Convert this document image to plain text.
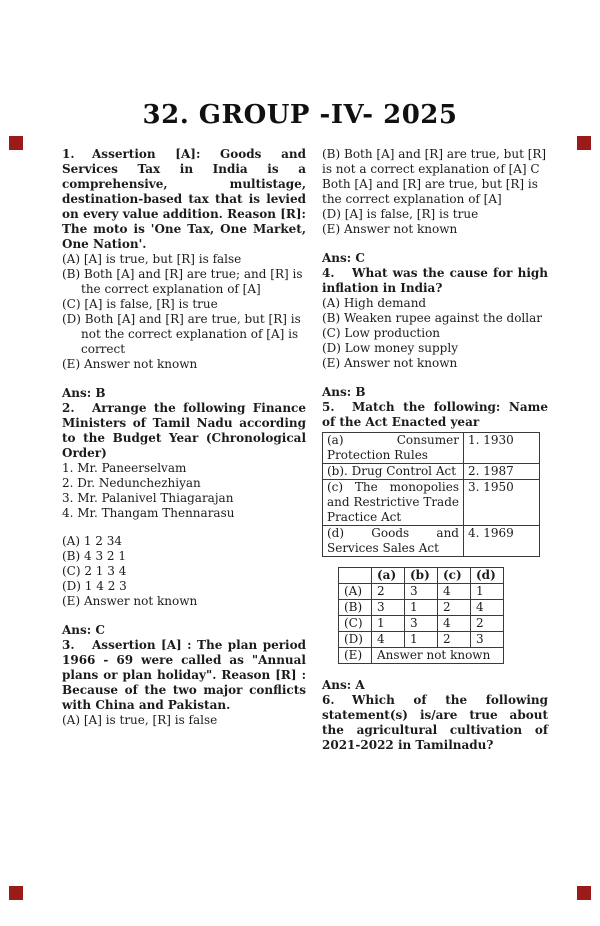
32. GROUP -IV- 2025

1. Assertion [A]: Goods and Services Tax in India is a comprehensive, multistage, destination-based tax that is levied on every value addition. Reason [R]: The moto is 'One Tax, One Market, One Nation'.

(A) [A] is true, but [R] is false

(B) Both [A] and [R] are true; and [R] is the correct explanation of [A]

(C) [A] is false, [R] is true

(D) Both [A] and [R] are true, but [R] is not the correct explanation of [A] is correct

(E) Answer not known

Ans: B

2. Arrange the following Finance Ministers of Tamil Nadu according to the Budget Year (Chronological Order)

1. Mr. Paneerselvam

2. Dr. Nedunchezhiyan

3. Mr. Palanivel Thiagarajan

4. Mr. Thangam Thennarasu

(A) 1 2 34

(B) 4 3 2 1

(C) 2 1 3 4

(D) 1 4 2 3

(E) Answer not known

Ans: C

3. Assertion [A] : The plan period 1966 - 69 were called as "Annual plans or plan holiday". Reason [R] : Because of the two major conflicts with China and Pakistan.

(A) [A] is true, [R] is false

(B) Both [A] and [R] are true, but [R] is not a correct explanation of [A] C Both [A] and [R] are true, but [R] is the correct explanation of [A]

(D) [A] is false, [R] is true

(E) Answer not known

Ans: C

4. What was the cause for high inflation in India?

(A) High demand

(B) Weaken rupee against the dollar

(C) Low production

(D) Low money supply

(E) Answer not known

Ans: B

5. Match the following: Name of the Act Enacted year

(a) Consumer Protection Rules	1. 1930
(b). Drug Control Act	2. 1987
(c) The monopolies and Restrictive Trade Practice Act	3. 1950
(d) Goods and Services Sales Act	4. 1969
	(a)	(b)	(c)	(d)
(A)	2	3	4	1
(B)	3	1	2	4
(C)	1	3	4	2
(D)	4	1	2	3
(E)	Answer not known			

Ans: A

6. Which of the following statement(s) is/are true about the agricultural cultivation of 2021-2022 in Tamilnadu?
